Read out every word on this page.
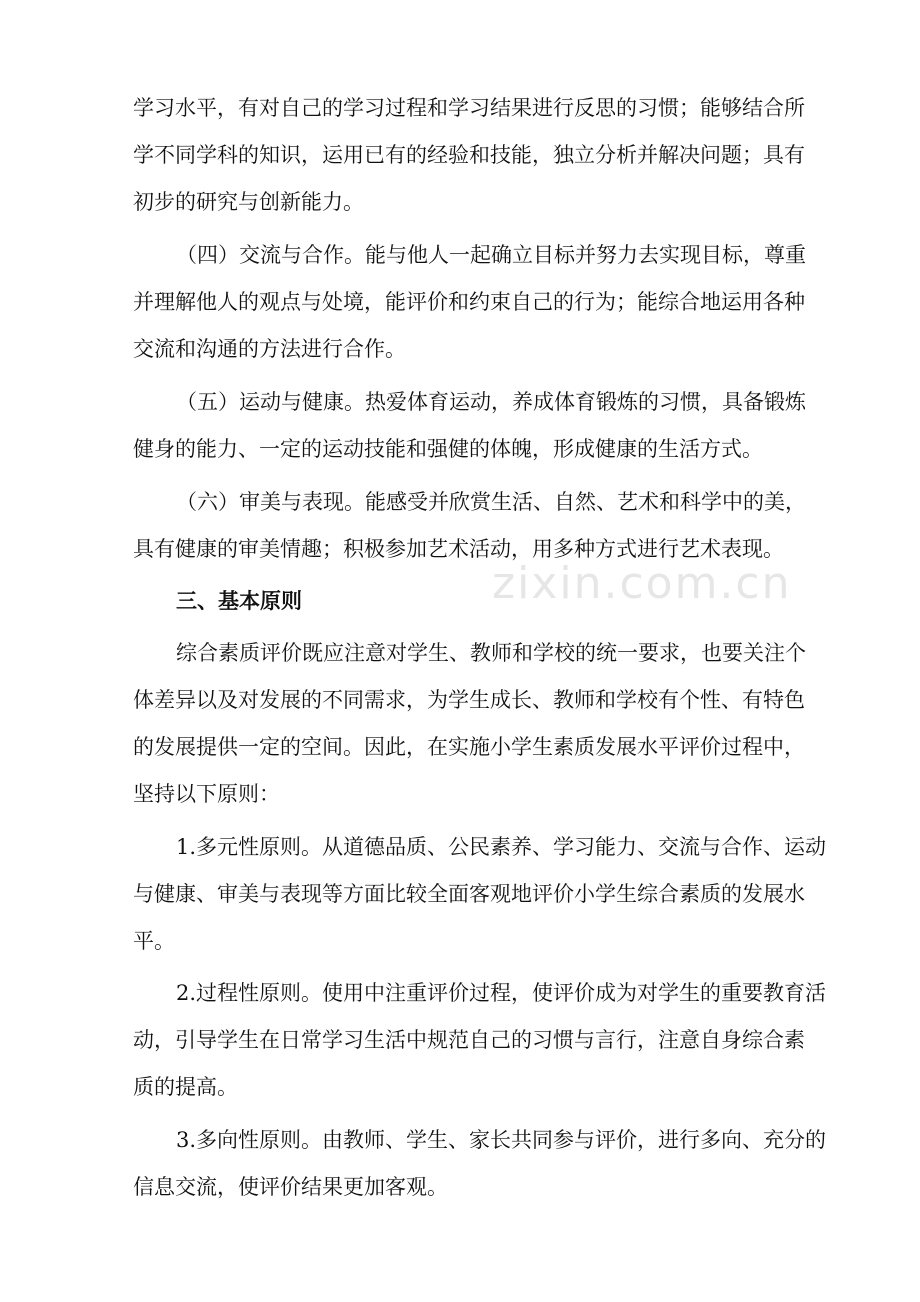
zixin.com.cn
学习水平，有对自己的学习过程和学习结果进行反思的习惯；能够结合所
学不同学科的知识，运用已有的经验和技能，独立分析并解决问题；具有
初步的研究与创新能力。
（四）交流与合作。能与他人一起确立目标并努力去实现目标，尊重
并理解他人的观点与处境，能评价和约束自己的行为；能综合地运用各种
交流和沟通的方法进行合作。
（五）运动与健康。热爱体育运动，养成体育锻炼的习惯，具备锻炼
健身的能力、一定的运动技能和强健的体魄，形成健康的生活方式。
（六）审美与表现。能感受并欣赏生活、自然、艺术和科学中的美，
具有健康的审美情趣；积极参加艺术活动，用多种方式进行艺术表现。
三、基本原则
综合素质评价既应注意对学生、教师和学校的统一要求，也要关注个
体差异以及对发展的不同需求，为学生成长、教师和学校有个性、有特色
的发展提供一定的空间。因此，在实施小学生素质发展水平评价过程中，
坚持以下原则：
1.多元性原则。从道德品质、公民素养、学习能力、交流与合作、运动
与健康、审美与表现等方面比较全面客观地评价小学生综合素质的发展水
平。
2.过程性原则。使用中注重评价过程，使评价成为对学生的重要教育活
动，引导学生在日常学习生活中规范自己的习惯与言行，注意自身综合素
质的提高。
3.多向性原则。由教师、学生、家长共同参与评价，进行多向、充分的
信息交流，使评价结果更加客观。
